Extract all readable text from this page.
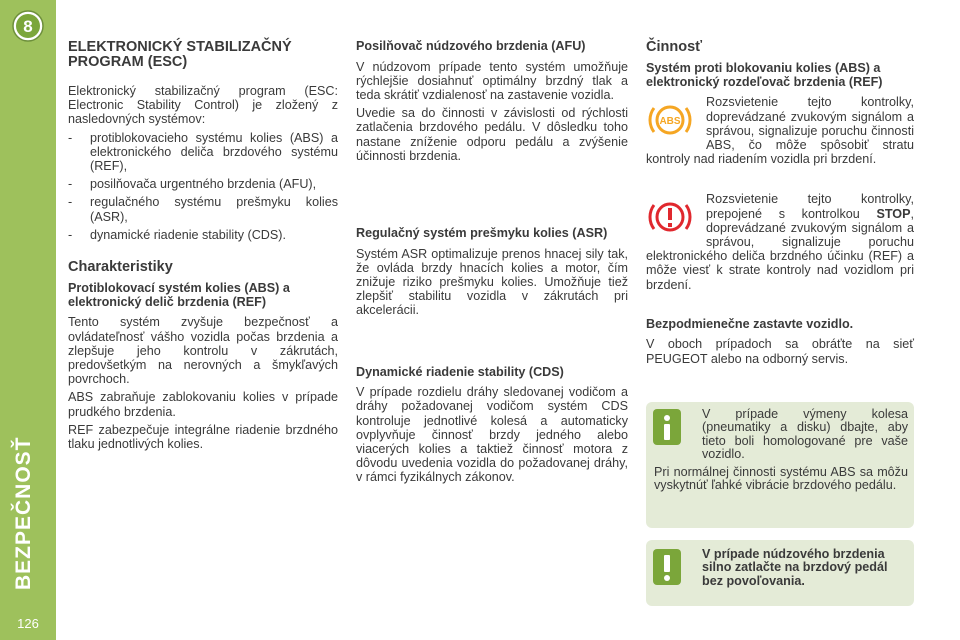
8
126
ELEKTRONICKÝ STABILIZAČNÝ PROGRAM (ESC)

Elektronický stabilizačný program (ESC: Electronic Stability Control) je zložený z nasledovných systémov:

- protiblokovacieho systému kolies (ABS) a elektronického deliča brzdového systému (REF),
- posilňovača urgentného brzdenia (AFU),
- regulačného systému prešmyku kolies (ASR),
- dynamické riadenie stability (CDS).
Charakteristiky
Protiblokovací systém kolies (ABS) a elektronický delič brzdenia (REF)

Tento systém zvyšuje bezpečnosť a ovládateľnosť vášho vozidla počas brzdenia a zlepšuje jeho kontrolu v zákrutách, predovšetkým na nerovných a šmykľavých povrchoch.

ABS zabraňuje zablokovaniu kolies v prípade prudkého brzdenia.

REF zabezpečuje integrálne riadenie brzdného tlaku jednotlivých kolies.

Posilňovač núdzového brzdenia (AFU)

V núdzovom prípade tento systém umožňuje rýchlejšie dosiahnuť optimálny brzdný tlak a teda skrátiť vzdialenosť na zastavenie vozidla.

Uvedie sa do činnosti v závislosti od rýchlosti zatlačenia brzdového pedálu. V dôsledku toho nastane zníženie odporu pedálu a zvýšenie účinnosti brzdenia.

Regulačný systém prešmyku kolies (ASR)

Systém ASR optimalizuje prenos hnacej sily tak, že ovláda brzdy hnacích kolies a motor, čím znižuje riziko prešmyku kolies. Umožňuje tiež zlepšiť stabilitu vozidla v zákrutách pri akcelerácii.

Dynamické riadenie stability (CDS)

V prípade rozdielu dráhy sledovanej vodičom a dráhy požadovanej vodičom systém CDS kontroluje jednotlivé kolesá a automaticky ovplyvňuje činnosť brzdy jedného alebo viacerých kolies a taktiež činnosť motora z dôvodu uvedenia vozidla do požadovanej dráhy, v rámci fyzikálnych zákonov.

Činnosť
Systém proti blokovaniu kolies (ABS) a elektronický rozdeľovač brzdenia (REF)
ABS

Rozsvietenie tejto kontrolky, doprevádzané zvukovým signálom a správou, signalizuje poruchu činnosti ABS, čo môže spôsobiť stratu kontroly nad riadením vozidla pri brzdení.

Rozsvietenie tejto kontrolky, prepojené s kontrolkou STOP, doprevádzané zvukovým signálom a správou, signalizuje poruchu elektronického deliča brzdného účinku (REF) a môže viesť k strate kontroly nad vozidlom pri brzdení.

Bezpodmienečne zastavte vozidlo.

V oboch prípadoch sa obráťte na sieť PEUGEOT alebo na odborný servis.

V prípade výmeny kolesa (pneumatiky a disku) dbajte, aby tieto boli homologované pre vaše vozidlo.

Pri normálnej činnosti systému ABS sa môžu vyskytnúť ľahké vibrácie brzdového pedálu.

V prípade núdzového brzdenia silno zatlačte na brzdový pedál bez povoľovania.
